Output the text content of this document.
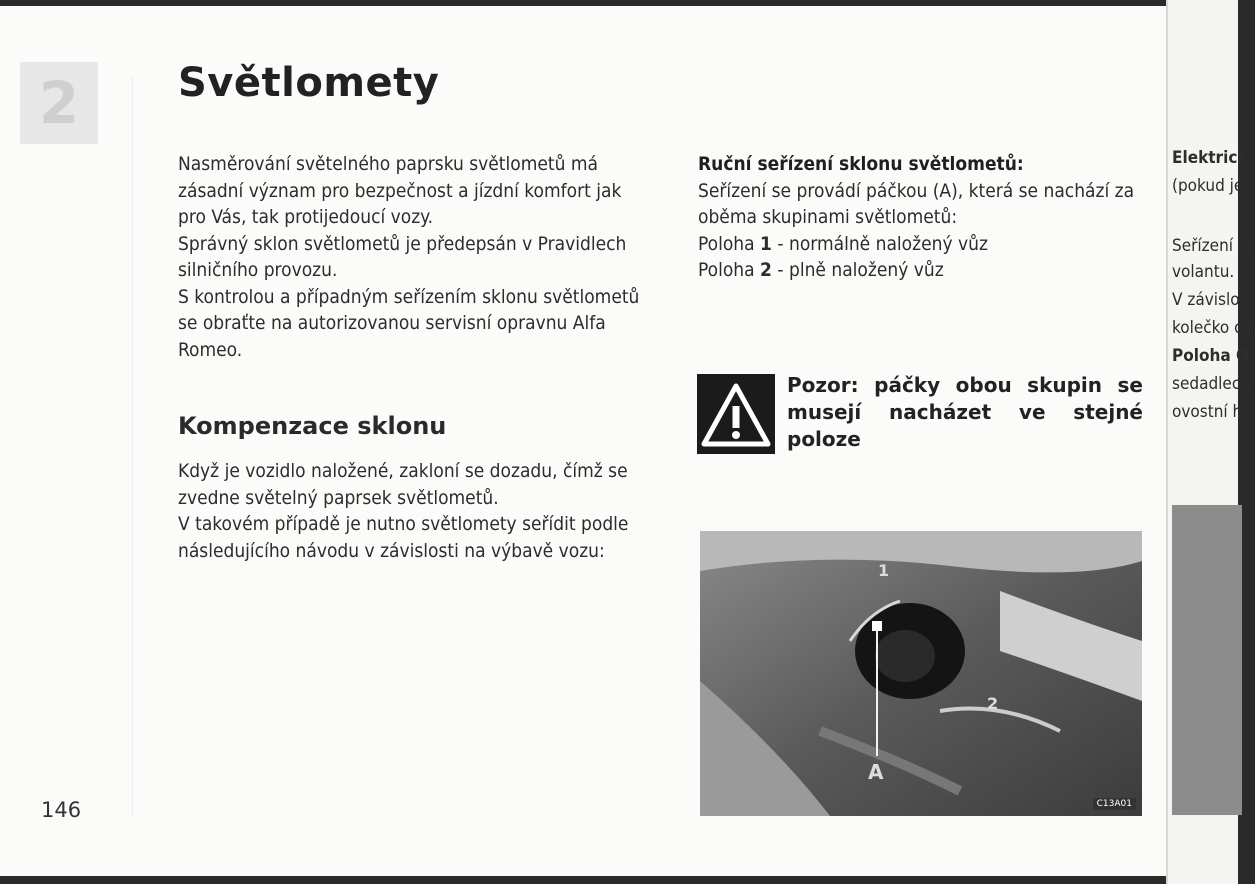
2	Světlomety

Nasměrování světelného paprsku světlometů má zásadní význam pro bezpečnost a jízdní komfort jak pro Vás, tak protijedoucí vozy.

Správný sklon světlometů je předepsán v Pravidlech silničního provozu.

S kontrolou a případným seřízením sklonu světlometů se obraťte na autorizovanou servisní opravnu Alfa Romeo.

Kompenzace sklonu

Když je vozidlo naložené, zakloní se dozadu, čímž se zvedne světelný paprsek světlometů.

V takovém případě je nutno světlomety seřídit podle následujícího návodu v závislosti na výbavě vozu:

Ruční seřízení sklonu světlometů:

Seřízení se provádí páčkou (A), která se nachází za oběma skupinami světlometů:

Poloha 1 - normálně naložený vůz

Poloha 2 - plně naložený vůz

Pozor: páčky obou skupin se musejí nacházet ve stejné poloze
1
2
A
C13A01
146
Elektrick
(pokud je
Seřízení se
volantu.
V závislos
kolečko do
Poloha O
sedadlech,
ovostní hr
